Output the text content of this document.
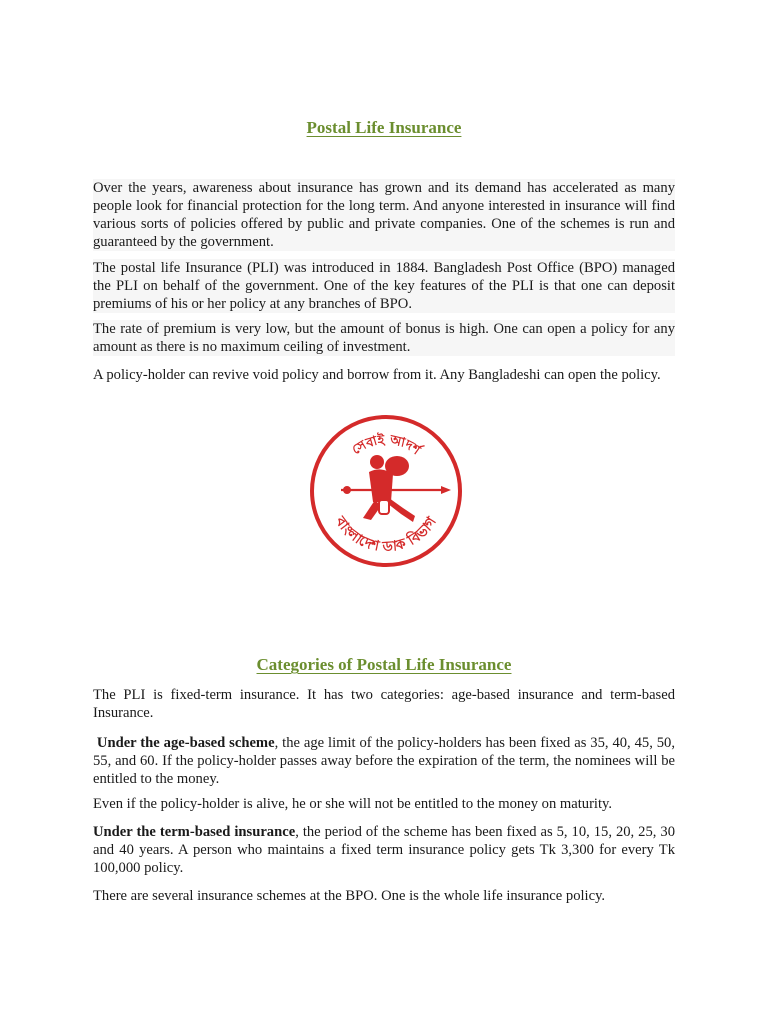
Postal Life Insurance

Over the years, awareness about insurance has grown and its demand has accelerated as many people look for financial protection for the long term. And anyone interested in insurance will find various sorts of policies offered by public and private companies. One of the schemes is run and guaranteed by the government.

The postal life Insurance (PLI) was introduced in 1884. Bangladesh Post Office (BPO) managed the PLI on behalf of the government. One of the key features of the PLI is that one can deposit premiums of his or her policy at any branches of BPO.

The rate of premium is very low, but the amount of bonus is high. One can open a policy for any amount as there is no maximum ceiling of investment.

A policy-holder can revive void policy and borrow from it. Any Bangladeshi can open the policy.

সেবাই আদর্শ
বাংলাদেশ ডাক বিভাগ
Categories of Postal Life Insurance

The PLI is fixed-term insurance. It has two categories: age-based insurance and term-based Insurance.

Under the age-based scheme, the age limit of the policy-holders has been fixed as 35, 40, 45, 50, 55, and 60. If the policy-holder passes away before the expiration of the term, the nominees will be entitled to the money.

Even if the policy-holder is alive, he or she will not be entitled to the money on maturity.

Under the term-based insurance, the period of the scheme has been fixed as 5, 10, 15, 20, 25, 30 and 40 years. A person who maintains a fixed term insurance policy gets Tk 3,300 for every Tk 100,000 policy.

There are several insurance schemes at the BPO. One is the whole life insurance policy.
